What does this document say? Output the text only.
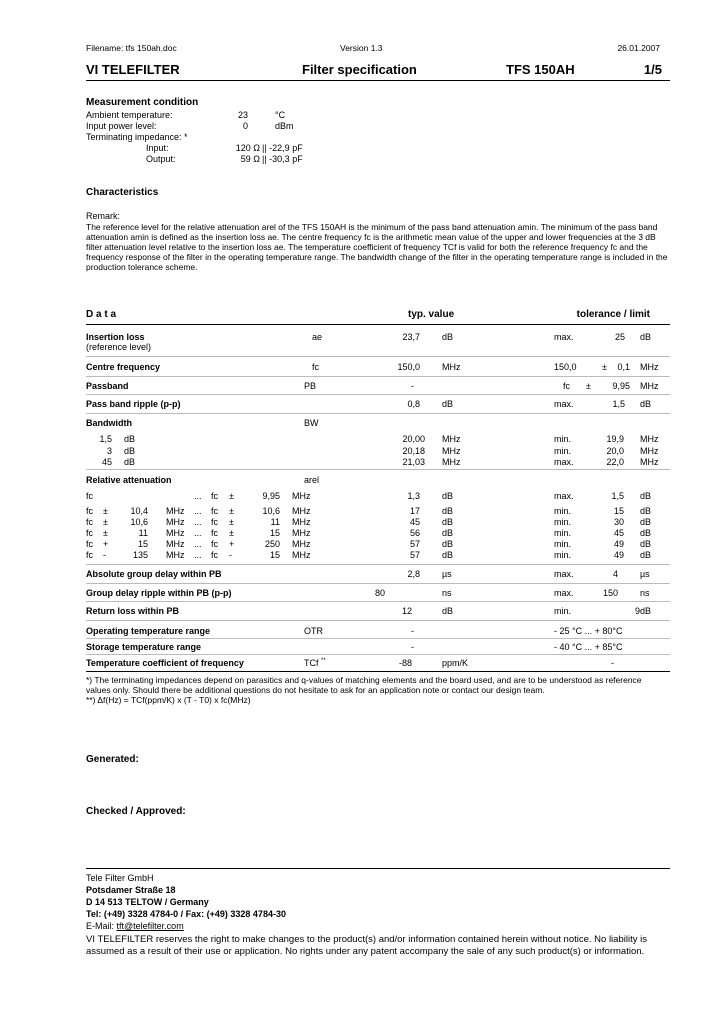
Filename: tfs 150ah.doc	Version 1.3	26.01.2007
VI TELEFILTER	Filter specification	TFS 150AH	1/5
Measurement condition
Ambient temperature:	23	°C
Input power level:	0	dBm
Terminating impedance: *
Input:	120 Ω || -22,9 pF
Output:	59 Ω || -30,3 pF
Characteristics
Remark:
The reference level for the relative attenuation arel of the TFS 150AH is the minimum of the pass band attenuation amin. The minimum of the pass band
attenuation amin is defined as the insertion loss ae. The centre frequency fc is the arithmetic mean value of the upper and lower frequencies at the 3 dB
filter attenuation level relative to the insertion loss ae. The temperature coefficient of frequency TCf is valid for both the reference frequency fc and the
frequency response of the filter in the operating temperature range. The bandwidth change of the filter in the operating temperature range is included in the
production tolerance scheme.
D a t a	typ. value	tolerance / limit
Insertion loss
(reference level)
ae	23,7 dB	max.	25 dB
Centre frequency	fc	150,0 MHz	150,0	±	0,1 MHz
Passband	PB	-	fc ±	9,95 MHz
Pass band ripple (p-p)	0,8 dB	max.	1,5 dB
Bandwidth	BW
1,5 dB	20,00 MHz	min.	19,9 MHz
3 dB	20,18 MHz	min.	20,0 MHz
45 dB	21,03 MHz	max.	22,0 MHz
Relative attenuation	arel
fc	... fc ±	9,95 MHz	1,3 dB	max.	1,5 dB
fc ±	10,4 MHz ... fc ±	10,6 MHz	17 dB	min.	15 dB
fc ±	10,6 MHz ... fc ±	11 MHz	45 dB	min.	30 dB
fc ±	11 MHz ... fc ±	15 MHz	56 dB	min.	45 dB
fc +	15 MHz ... fc +	250 MHz	57 dB	min.	49 dB
fc -	135 MHz ... fc -	15 MHz	57 dB	min.	49 dB
Absolute group delay within PB	2,8 µs	max.	4 µs
Group delay ripple within PB (p-p)	80	ns	max.	150 ns
Return loss within PB	12	dB	min.	9 dB
Operating temperature range	OTR	-	- 25 °C ... + 80°C
Storage temperature range	-	- 40 °C ... + 85°C
Temperature coefficient of frequency	TCf **	-88	ppm/K	-
*) The terminating impedances depend on parasitics and q-values of matching elements and the board used, and are to be understood as reference
values only. Should there be additional questions do not hesitate to ask for an application note or contact our design team.
**) Δf(Hz) = TCf(ppm/K) x (T - T0) x fc(MHz)
Generated:
Checked / Approved:
Tele Filter GmbH
Potsdamer Straße 18
D 14 513 TELTOW / Germany
Tel: (+49) 3328 4784-0 / Fax: (+49) 3328 4784-30
E-Mail: tft@telefilter.com
VI TELEFILTER reserves the right to make changes to the product(s) and/or information contained herein without notice. No liability is
assumed as a result of their use or application. No rights under any patent accompany the sale of any such product(s) or information.
